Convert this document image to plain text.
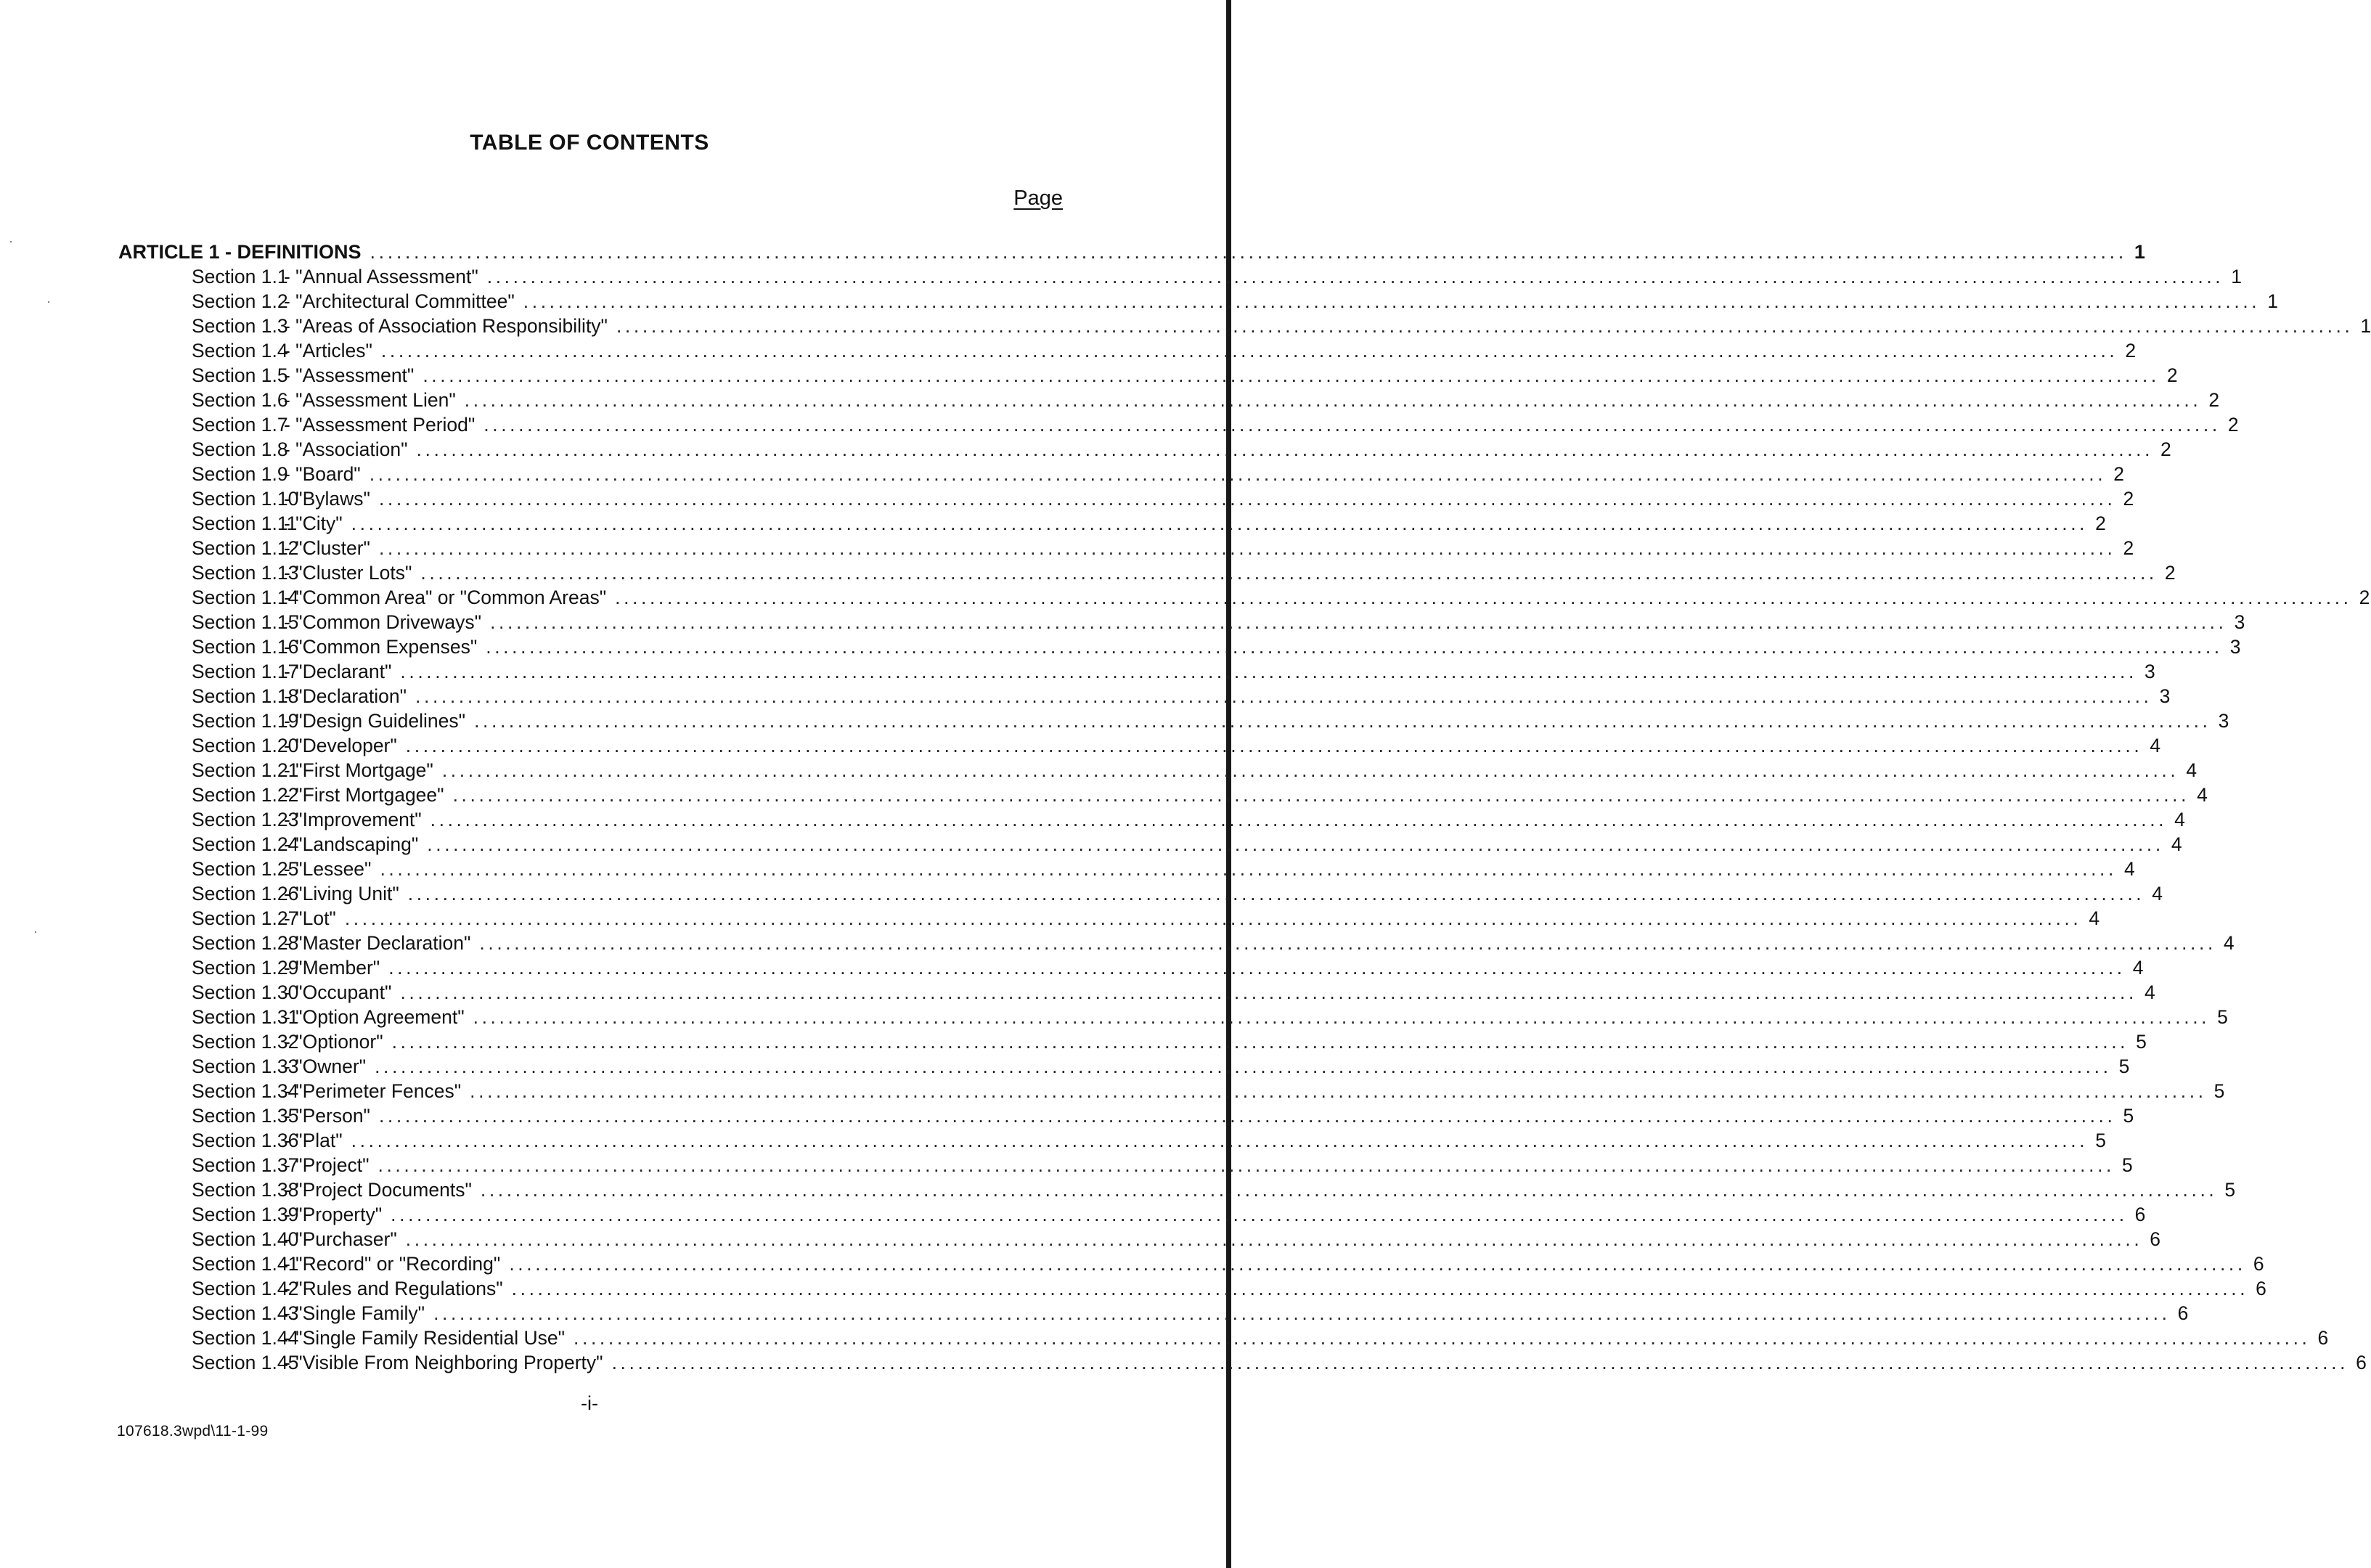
TABLE OF CONTENTS
Page
ARTICLE 1 - DEFINITIONS ........................................................................................................................................................................................................ 1
Section 1.1- "Annual Assessment" ........................................................................................................................................................................................................ 1
Section 1.2- "Architectural Committee" ........................................................................................................................................................................................................ 1
Section 1.3- "Areas of Association Responsibility" ........................................................................................................................................................................................................ 1
Section 1.4- "Articles" ........................................................................................................................................................................................................ 2
Section 1.5- "Assessment" ........................................................................................................................................................................................................ 2
Section 1.6- "Assessment Lien" ........................................................................................................................................................................................................ 2
Section 1.7- "Assessment Period" ........................................................................................................................................................................................................ 2
Section 1.8- "Association" ........................................................................................................................................................................................................ 2
Section 1.9- "Board" ........................................................................................................................................................................................................ 2
Section 1.10- "Bylaws" ........................................................................................................................................................................................................ 2
Section 1.11- "City" ........................................................................................................................................................................................................ 2
Section 1.12- "Cluster" ........................................................................................................................................................................................................ 2
Section 1.13- "Cluster Lots" ........................................................................................................................................................................................................ 2
Section 1.14- "Common Area" or "Common Areas" ........................................................................................................................................................................................................ 2
Section 1.15- "Common Driveways" ........................................................................................................................................................................................................ 3
Section 1.16- "Common Expenses" ........................................................................................................................................................................................................ 3
Section 1.17- "Declarant" ........................................................................................................................................................................................................ 3
Section 1.18- "Declaration" ........................................................................................................................................................................................................ 3
Section 1.19- "Design Guidelines" ........................................................................................................................................................................................................ 3
Section 1.20- "Developer" ........................................................................................................................................................................................................ 4
Section 1.21- "First Mortgage" ........................................................................................................................................................................................................ 4
Section 1.22- "First Mortgagee" ........................................................................................................................................................................................................ 4
Section 1.23- "Improvement" ........................................................................................................................................................................................................ 4
Section 1.24- "Landscaping" ........................................................................................................................................................................................................ 4
Section 1.25- "Lessee" ........................................................................................................................................................................................................ 4
Section 1.26- "Living Unit" ........................................................................................................................................................................................................ 4
Section 1.27- "Lot" ........................................................................................................................................................................................................ 4
Section 1.28- "Master Declaration" ........................................................................................................................................................................................................ 4
Section 1.29- "Member" ........................................................................................................................................................................................................ 4
Section 1.30- "Occupant" ........................................................................................................................................................................................................ 4
Section 1.31- "Option Agreement" ........................................................................................................................................................................................................ 5
Section 1.32- "Optionor" ........................................................................................................................................................................................................ 5
Section 1.33- "Owner" ........................................................................................................................................................................................................ 5
Section 1.34- "Perimeter Fences" ........................................................................................................................................................................................................ 5
Section 1.35- "Person" ........................................................................................................................................................................................................ 5
Section 1.36- "Plat" ........................................................................................................................................................................................................ 5
Section 1.37- "Project" ........................................................................................................................................................................................................ 5
Section 1.38- "Project Documents" ........................................................................................................................................................................................................ 5
Section 1.39- "Property" ........................................................................................................................................................................................................ 6
Section 1.40- "Purchaser" ........................................................................................................................................................................................................ 6
Section 1.41- "Record" or "Recording" ........................................................................................................................................................................................................ 6
Section 1.42- "Rules and Regulations" ........................................................................................................................................................................................................ 6
Section 1.43- "Single Family" ........................................................................................................................................................................................................ 6
Section 1.44- "Single Family Residential Use" ........................................................................................................................................................................................................ 6
Section 1.45- "Visible From Neighboring Property" ........................................................................................................................................................................................................ 6
-i-
107618.3wpd\11-1-99
